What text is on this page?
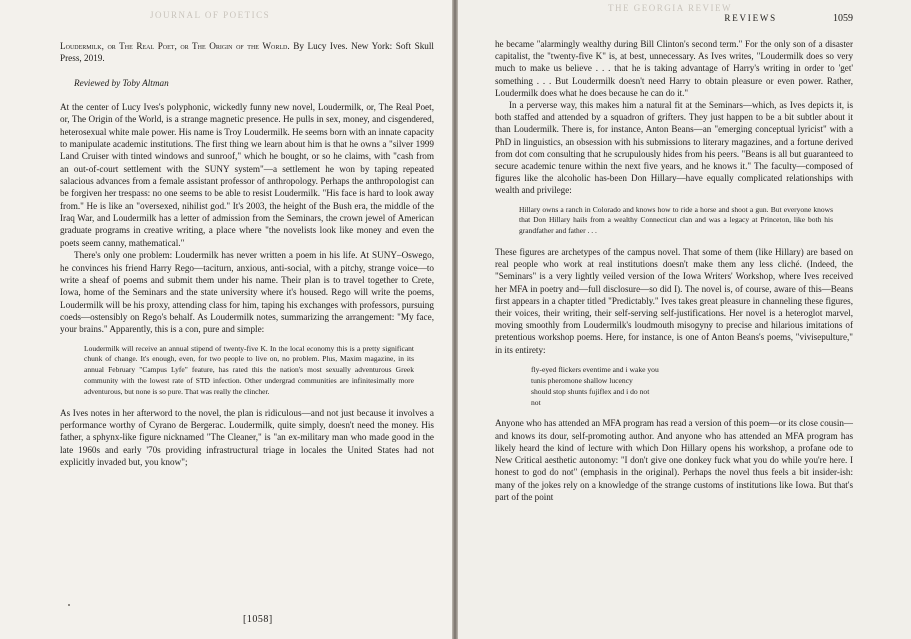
JOURNAL OF POETICS

Loudermilk, or The Real Poet, or The Origin of the World. By Lucy Ives. New York: Soft Skull Press, 2019.

Reviewed by Toby Altman

At the center of Lucy Ives's polyphonic, wickedly funny new novel, Loudermilk, or, The Real Poet, or, The Origin of the World, is a strange magnetic presence. He pulls in sex, money, and cisgendered, heterosexual white male power. His name is Troy Loudermilk. He seems born with an innate capacity to manipulate academic institutions. The first thing we learn about him is that he owns a "silver 1999 Land Cruiser with tinted windows and sunroof," which he bought, or so he claims, with "cash from an out-of-court settlement with the SUNY system"—a settlement he won by taping repeated salacious advances from a female assistant professor of anthropology. Perhaps the anthropologist can be forgiven her trespass: no one seems to be able to resist Loudermilk. "His face is hard to look away from." He is like an "oversexed, nihilist god." It's 2003, the height of the Bush era, the middle of the Iraq War, and Loudermilk has a letter of admission from the Seminars, the crown jewel of American graduate programs in creative writing, a place where "the novelists look like money and even the poets seem canny, mathematical."

There's only one problem: Loudermilk has never written a poem in his life. At SUNY–Oswego, he convinces his friend Harry Rego—taciturn, anxious, anti-social, with a pitchy, strange voice—to write a sheaf of poems and submit them under his name. Their plan is to travel together to Crete, Iowa, home of the Seminars and the state university where it's housed. Rego will write the poems, Loudermilk will be his proxy, attending class for him, taping his exchanges with professors, pursuing coeds—ostensibly on Rego's behalf. As Loudermilk notes, summarizing the arrangement: "My face, your brains." Apparently, this is a con, pure and simple:

Loudermilk will receive an annual stipend of twenty-five K. In the local economy this is a pretty significant chunk of change. It's enough, even, for two people to live on, no problem. Plus, Maxim magazine, in its annual February "Campus Lyfe" feature, has rated this the nation's most sexually adventurous Greek community with the lowest rate of STD infection. Other undergrad communities are infinitesimally more adventurous, but none is so pure. That was really the clincher.

As Ives notes in her afterword to the novel, the plan is ridiculous—and not just because it involves a performance worthy of Cyrano de Bergerac. Loudermilk, quite simply, doesn't need the money. His father, a sphynx-like figure nicknamed "The Cleaner," is "an ex-military man who made good in the late 1960s and early '70s providing infrastructural triage in locales the United States had not explicitly invaded but, you know";

[1058]
THE GEORGIA REVIEW
REVIEWS	1059

he became "alarmingly wealthy during Bill Clinton's second term." For the only son of a disaster capitalist, the "twenty-five K" is, at best, unnecessary. As Ives writes, "Loudermilk does so very much to make us believe . . . that he is taking advantage of Harry's writing in order to 'get' something . . . But Loudermilk doesn't need Harry to obtain pleasure or even power. Rather, Loudermilk does what he does because he can do it."

In a perverse way, this makes him a natural fit at the Seminars—which, as Ives depicts it, is both staffed and attended by a squadron of grifters. They just happen to be a bit subtler about it than Loudermilk. There is, for instance, Anton Beans—an "emerging conceptual lyricist" with a PhD in linguistics, an obsession with his submissions to literary magazines, and a fortune derived from dot com consulting that he scrupulously hides from his peers. "Beans is all but guaranteed to secure academic tenure within the next five years, and he knows it." The faculty—composed of figures like the alcoholic has-been Don Hillary—have equally complicated relationships with wealth and privilege:

Hillary owns a ranch in Colorado and knows how to ride a horse and shoot a gun. But everyone knows that Don Hillary hails from a wealthy Connecticut clan and was a legacy at Princeton, like both his grandfather and father . . .

These figures are archetypes of the campus novel. That some of them (like Hillary) are based on real people who work at real institutions doesn't make them any less cliché. (Indeed, the "Seminars" is a very lightly veiled version of the Iowa Writers' Workshop, where Ives received her MFA in poetry and—full disclosure—so did I). The novel is, of course, aware of this—Beans first appears in a chapter titled "Predictably." Ives takes great pleasure in channeling these figures, their voices, their writing, their self-serving self-justifications. Her novel is a heteroglot marvel, moving smoothly from Loudermilk's loudmouth misogyny to precise and hilarious imitations of pretentious workshop poems. Here, for instance, is one of Anton Beans's poems, "vivisepulture," in its entirety:

fly-eyed flickers eventime and i wake you
tunis pheromone shallow lucency
should stop shunts fujiflex and i do not
not

Anyone who has attended an MFA program has read a version of this poem—or its close cousin—and knows its dour, self-promoting author. And anyone who has attended an MFA program has likely heard the kind of lecture with which Don Hillary opens his workshop, a profane ode to New Critical aesthetic autonomy: "I don't give one donkey fuck what you do while you're here. I honest to god do not" (emphasis in the original). Perhaps the novel thus feels a bit insider-ish: many of the jokes rely on a knowledge of the strange customs of institutions like Iowa. But that's part of the point
